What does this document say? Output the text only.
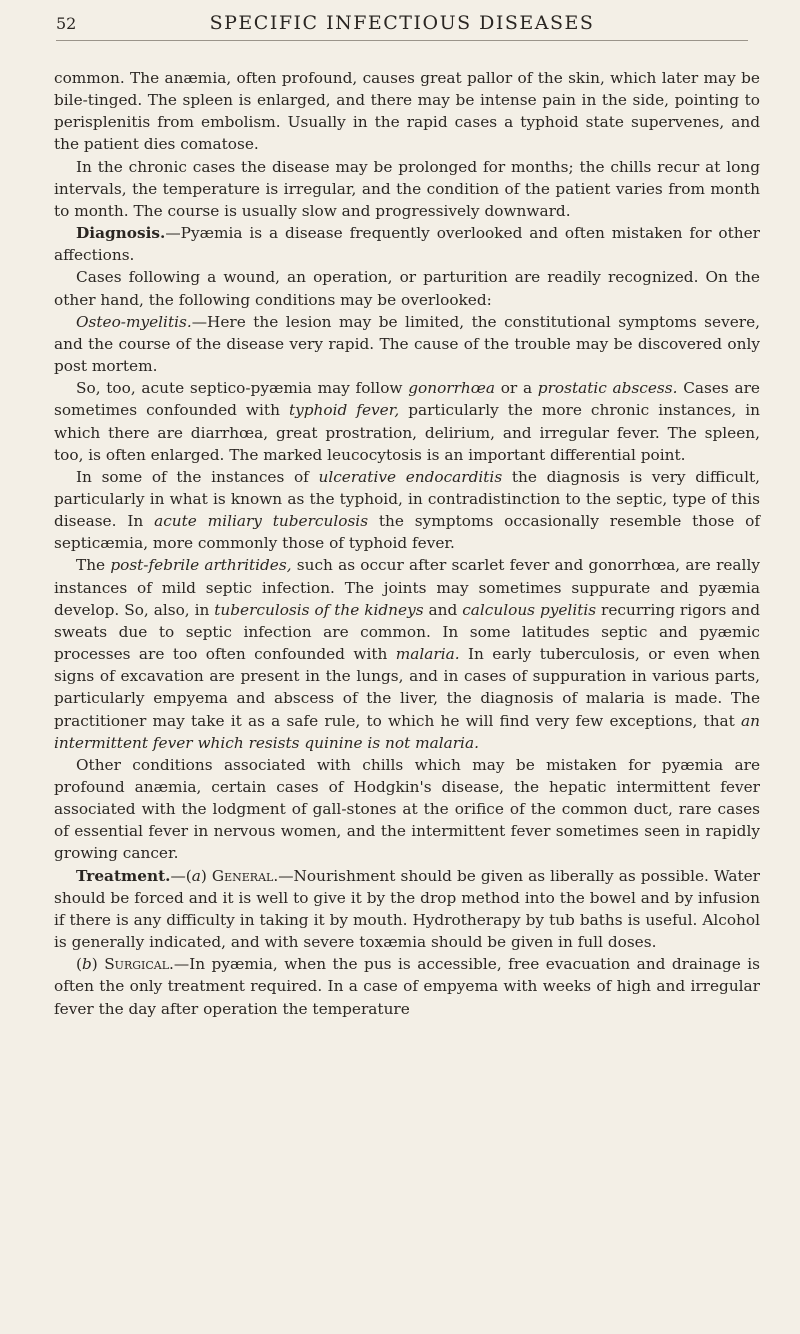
52	SPECIFIC INFECTIOUS DISEASES

common. The anæmia, often profound, causes great pallor of the skin, which later may be bile-tinged. The spleen is enlarged, and there may be intense pain in the side, pointing to perisplenitis from embolism. Usually in the rapid cases a typhoid state supervenes, and the patient dies comatose.

In the chronic cases the disease may be prolonged for months; the chills recur at long intervals, the temperature is irregular, and the condition of the patient varies from month to month. The course is usually slow and progressively downward.

Diagnosis.—Pyæmia is a disease frequently overlooked and often mistaken for other affections.

Cases following a wound, an operation, or parturition are readily recognized. On the other hand, the following conditions may be overlooked:

Osteo-myelitis.—Here the lesion may be limited, the constitutional symptoms severe, and the course of the disease very rapid. The cause of the trouble may be discovered only post mortem.

So, too, acute septico-pyæmia may follow gonorrhœa or a prostatic abscess. Cases are sometimes confounded with typhoid fever, particularly the more chronic instances, in which there are diarrhœa, great prostration, delirium, and irregular fever. The spleen, too, is often enlarged. The marked leucocytosis is an important differential point.

In some of the instances of ulcerative endocarditis the diagnosis is very difficult, particularly in what is known as the typhoid, in contradistinction to the septic, type of this disease. In acute miliary tuberculosis the symptoms occasionally resemble those of septicæmia, more commonly those of typhoid fever.

The post-febrile arthritides, such as occur after scarlet fever and gonorrhœa, are really instances of mild septic infection. The joints may sometimes suppurate and pyæmia develop. So, also, in tuberculosis of the kidneys and calculous pyelitis recurring rigors and sweats due to septic infection are common. In some latitudes septic and pyæmic processes are too often confounded with malaria. In early tuberculosis, or even when signs of excavation are present in the lungs, and in cases of suppuration in various parts, particularly empyema and abscess of the liver, the diagnosis of malaria is made. The practitioner may take it as a safe rule, to which he will find very few exceptions, that an intermittent fever which resists quinine is not malaria.

Other conditions associated with chills which may be mistaken for pyæmia are profound anæmia, certain cases of Hodgkin's disease, the hepatic intermittent fever associated with the lodgment of gall-stones at the orifice of the common duct, rare cases of essential fever in nervous women, and the intermittent fever sometimes seen in rapidly growing cancer.

Treatment.—(a) General.—Nourishment should be given as liberally as possible. Water should be forced and it is well to give it by the drop method into the bowel and by infusion if there is any difficulty in taking it by mouth. Hydrotherapy by tub baths is useful. Alcohol is generally indicated, and with severe toxæmia should be given in full doses.

(b) Surgical.—In pyæmia, when the pus is accessible, free evacuation and drainage is often the only treatment required. In a case of empyema with weeks of high and irregular fever the day after operation the temperature
